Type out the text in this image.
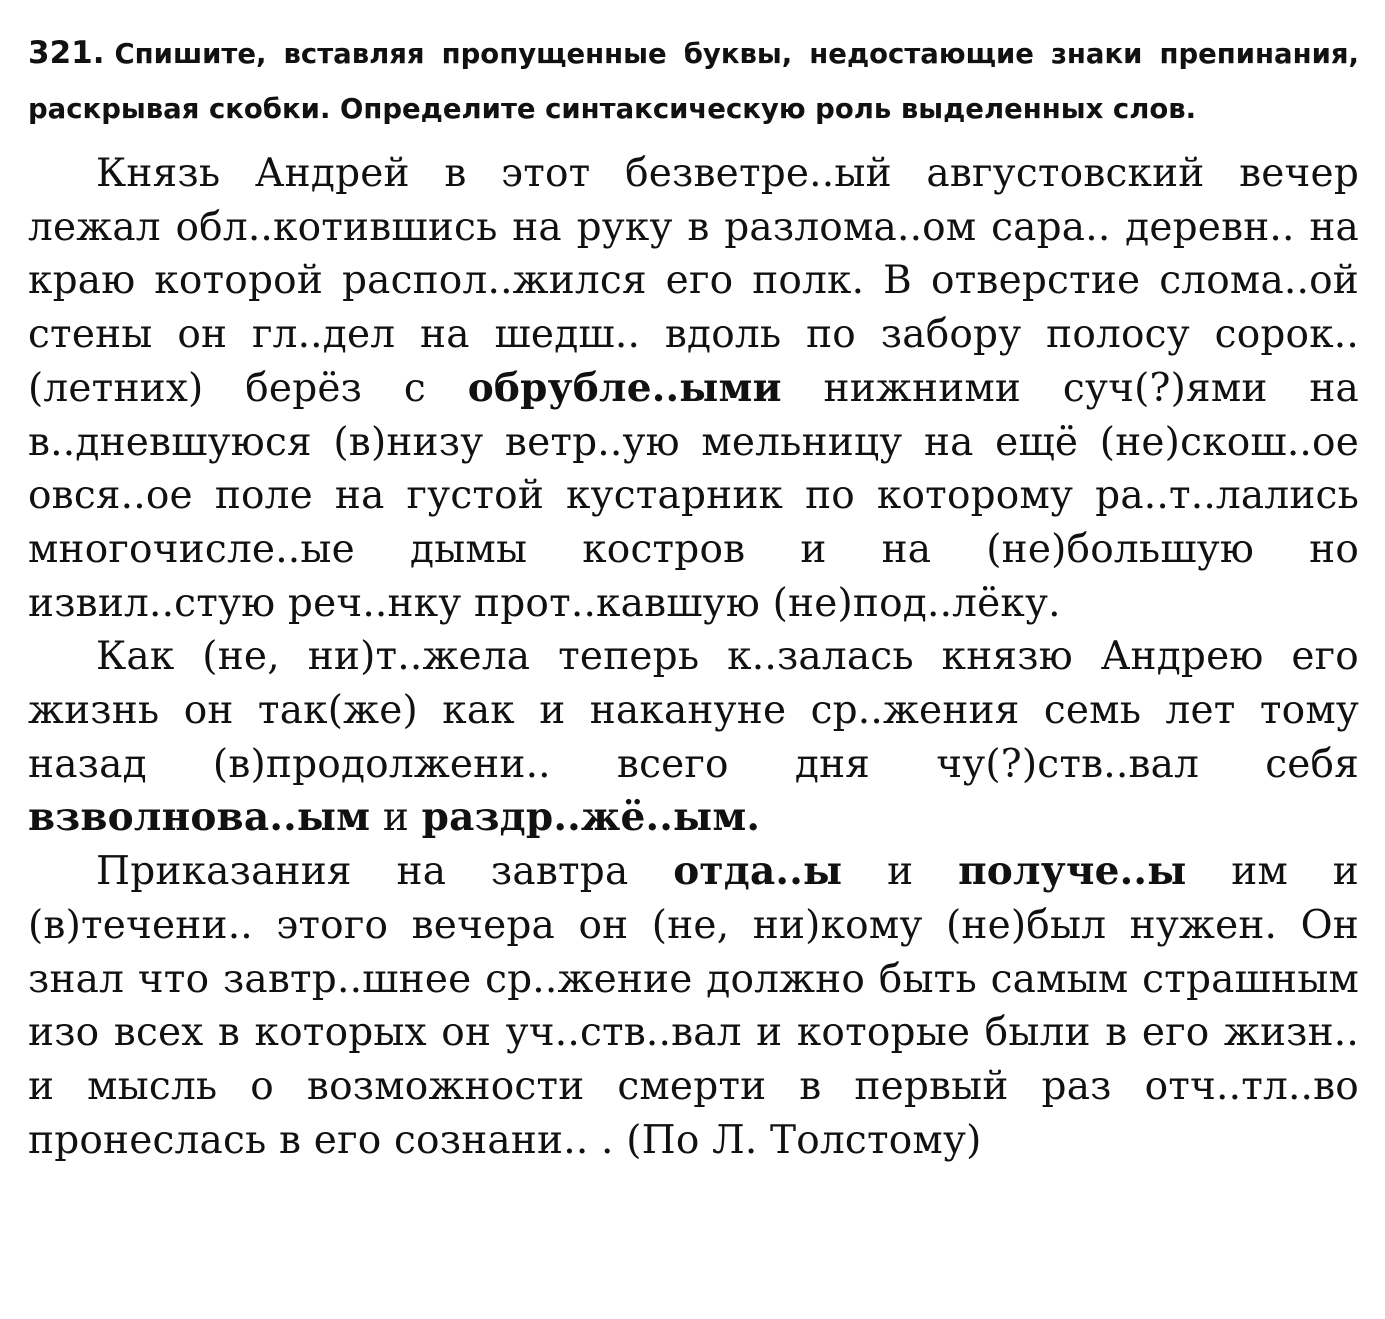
321. Спишите, вставляя пропущенные буквы, недостающие знаки препинания, раскрывая скобки. Определите синтаксическую роль выделенных слов.

Князь Андрей в этот безветре..ый августовский вечер лежал обл..котившись на руку в разлома..ом сара.. деревн.. на краю которой распол..жился его полк. В отверстие слома..ой стены он гл..дел на шедш.. вдоль по забору полосу сорок..(летних) берёз с обрубле..ыми нижними суч(?)ями на в..дневшуюся (в)низу ветр..ую мельницу на ещё (не)скош..ое овся..ое поле на густой кустарник по которому ра..т..лались многочисле..ые дымы костров и на (не)большую но извил..стую реч..нку прот..кавшую (не)под..лёку.

Как (не, ни)т..жела теперь к..залась князю Андрею его жизнь он так(же) как и накануне ср..жения семь лет тому назад (в)продолжени.. всего дня чу(?)ств..вал себя взволнова..ым и раздр..жё..ым.

Приказания на завтра отда..ы и получе..ы им и (в)течени.. этого вечера он (не, ни)кому (не)был нужен. Он знал что завтр..шнее ср..жение должно быть самым страшным изо всех в которых он уч..ств..вал и которые были в его жизн.. и мысль о возможности смерти в первый раз отч..тл..во пронеслась в его сознани.. . (По Л. Толстому)
